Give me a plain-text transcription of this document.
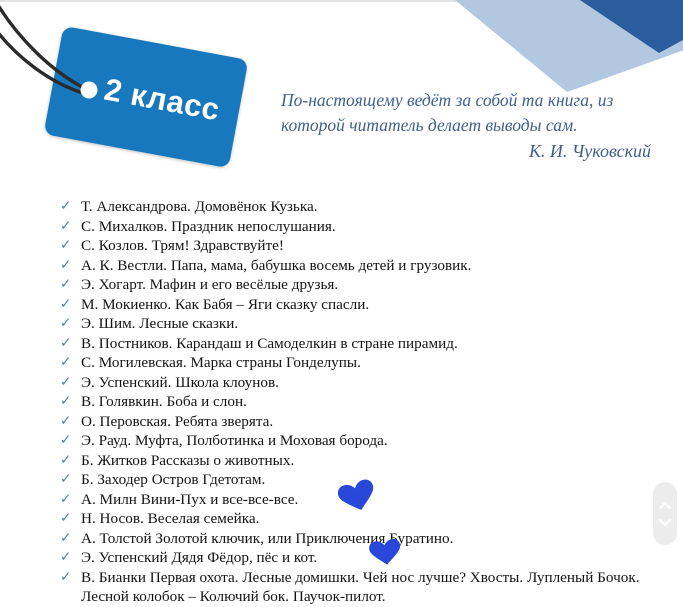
2 класс	По-настоящему ведёт за собой та книга, из которой читатель делает выводы сам.

К. И. Чуковский
✓ Т. Александрова. Домовёнок Кузька.
✓ С. Михалков. Праздник непослушания.
✓ С. Козлов. Трям! Здравствуйте!
✓ А. К. Вестли. Папа, мама, бабушка восемь детей и грузовик.
✓ Э. Хогарт. Мафин и его весёлые друзья.
✓ М. Мокиенко. Как Бабя – Яги сказку спасли.
✓ Э. Шим. Лесные сказки.
✓ В. Постников. Карандаш и Самоделкин в стране пирамид.
✓ С. Могилевская. Марка страны Гонделупы.
✓ Э. Успенский. Школа клоунов.
✓ В. Голявкин. Боба и слон.
✓ О. Перовская. Ребята зверята.
✓ Э. Рауд. Муфта, Полботинка и Моховая борода.
✓ Б. Житков Рассказы о животных.
✓ Б. Заходер Остров Гдетотам.
✓ А. Милн Вини-Пух и все-все-все.
✓ Н. Носов. Веселая семейка.
✓ А. Толстой Золотой ключик, или Приключения Буратино.
✓ Э. Успенский Дядя Фёдор, пёс и кот.
✓ В. Бианки Первая охота. Лесные домишки. Чей нос лучше? Хвосты. Лупленый Бочок. Лесной колобок – Колючий бок. Паучок-пилот.
